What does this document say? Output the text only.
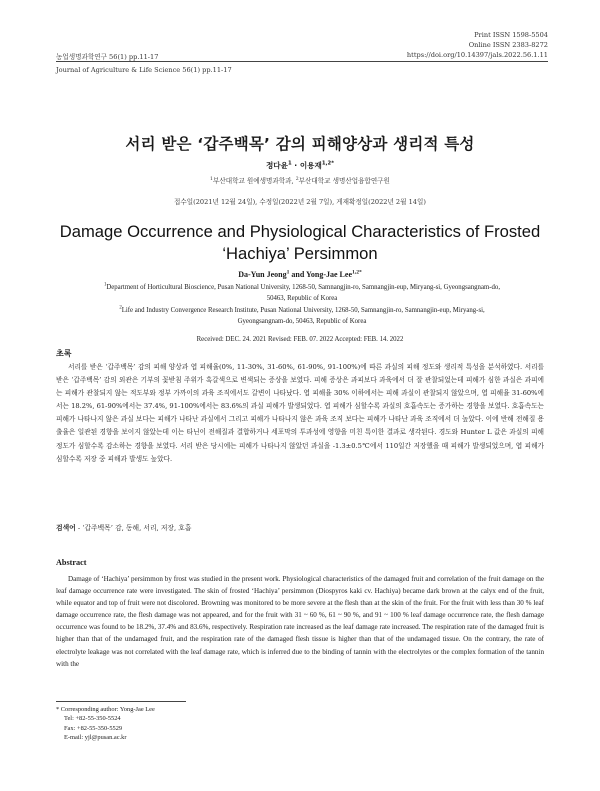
Print ISSN 1598-5504
Online ISSN 2383-8272
농업생명과학연구 56(1) pp.11-17	https://doi.org/10.14397/jals.2022.56.1.11
Journal of Agriculture & Life Science 56(1) pp.11-17
서리 받은 ‘갑주백목’ 감의 피해양상과 생리적 특성
정다윤$^1$ · 이용재$^{1,2*}$
$^1$부산대학교 원예생명과학과, $^2$부산대학교 생명산업융합연구원
접수일(2021년 12월 24일), 수정일(2022년 2월 7일), 게재확정일(2022년 2월 14일)
Damage Occurrence and Physiological Characteristics of Frosted
‘Hachiya’ Persimmon
Da-Yun Jeong$^1$ and Yong-Jae Lee$^{1,2*}$
$^1$Department of Horticultural Bioscience, Pusan National University, 1268-50, Samnangjin-ro, Samnangjin-eup, Miryang-si, Gyeongsangnam-do,
50463, Republic of Korea
$^2$Life and Industry Convergence Research Institute, Pusan National University, 1268-50, Samnangjin-ro, Samnangjin-eup, Miryang-si,
Gyeongsangnam-do, 50463, Republic of Korea
Received: DEC. 24. 2021 Revised: FEB. 07. 2022 Accepted: FEB. 14. 2022
초록
서리를 받은 ‘갑주백목’ 감의 피해 양상과 엽 피해율(0%, 11-30%, 31-60%, 61-90%, 91-100%)에 따른 과실의 피해 정도와 생리적 특성을 분석하였다. 서리를 받은 ‘갑주백목’ 감의 외관은 기부의 꽃받침 주위가 흑갈색으로 변색되는 증상을 보였다. 피해 증상은 과피보다 과육에서 더 잘 관찰되었는데 피해가 심한 과실은 과피에는 피해가 관찰되지 않는 적도부와 정부 가까이의 과육 조직에서도 갈변이 나타났다. 엽 피해율 30% 이하에서는 피해 과실이 관찰되지 않았으며, 엽 피해율 31-60%에서는 18.2%, 61-90%에서는 37.4%, 91-100%에서는 83.6%의 과실 피해가 발생되었다. 엽 피해가 심할수록 과실의 호흡속도는 증가하는 경향을 보였다. 호흡속도는 피해가 나타나지 않은 과실 보다는 피해가 나타난 과실에서 그리고 피해가 나타나지 않은 과육 조직 보다는 피해가 나타난 과육 조직에서 더 높았다. 이에 반해 전해질 용출율은 일관된 경향을 보이지 않았는데 이는 타닌이 전해질과 결합하거나 세포막의 투과성에 영향을 미친 특이한 결과로 생각된다. 경도와 Hunter L 값은 과실의 피해 정도가 심할수록 감소하는 경향을 보였다. 서리 받은 당시에는 피해가 나타나지 않았던 과실을 -1.3±0.5℃에서 110일간 저장했을 때 피해가 발생되었으며, 엽 피해가 심할수록 저장 중 피해과 발생도 높았다.
검색어 - ‘갑주백목’ 감, 동해, 서리, 저장, 호흡
Abstract
Damage of ‘Hachiya’ persimmon by frost was studied in the present work. Physiological characteristics of the damaged fruit and correlation of the fruit damage on the leaf damage occurrence rate were investigated. The skin of frosted ‘Hachiya’ persimmon (Diospyros kaki cv. Hachiya) became dark brown at the calyx end of the fruit, while equator and top of fruit were not discolored. Browning was monitored to be more severe at the flesh than at the skin of the fruit. For the fruit with less than 30 % leaf damage occurrence rate, the flesh damage was not appeared, and for the fruit with 31 ~ 60 %, 61 ~ 90 %, and 91 ~ 100 % leaf damage occurrence rate, the flesh damage occurrence was found to be 18.2%, 37.4% and 83.6%, respectively. Respiration rate increased as the leaf damage rate increased. The respiration rate of the damaged fruit is higher than that of the undamaged fruit, and the respiration rate of the damaged flesh tissue is higher than that of the undamaged tissue. On the contrary, the rate of electrolyte leakage was not correlated with the leaf damage rate, which is inferred due to the binding of tannin with the electrolytes or the complex formation of the tannin with the
* Corresponding author: Yong-Jae Lee
Tel: +82-55-350-5524
Fax: +82-55-350-5529
E-mail: yjl@pusan.ac.kr
